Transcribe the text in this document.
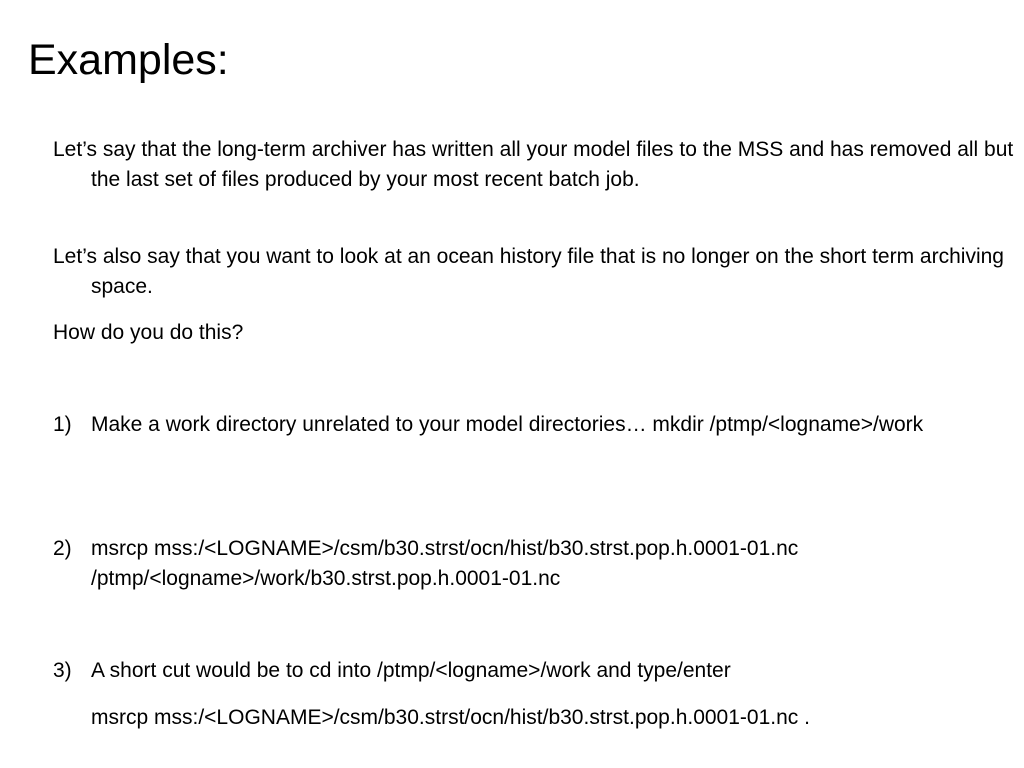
Examples:
Let’s say that the long-term archiver has written all your model files to the MSS and has removed all but the last set of files produced by your most recent batch job.
Let’s also say that you want to look at an ocean history file that is no longer on the short term archiving space.
How do you do this?
1) Make a work directory unrelated to your model directories… mkdir /ptmp/<logname>/work
2) msrcp mss:/<LOGNAME>/csm/b30.strst/ocn/hist/b30.strst.pop.h.0001-01.nc /ptmp/<logname>/work/b30.strst.pop.h.0001-01.nc
3) A short cut would be to cd into /ptmp/<logname>/work and type/enter
msrcp mss:/<LOGNAME>/csm/b30.strst/ocn/hist/b30.strst.pop.h.0001-01.nc .
